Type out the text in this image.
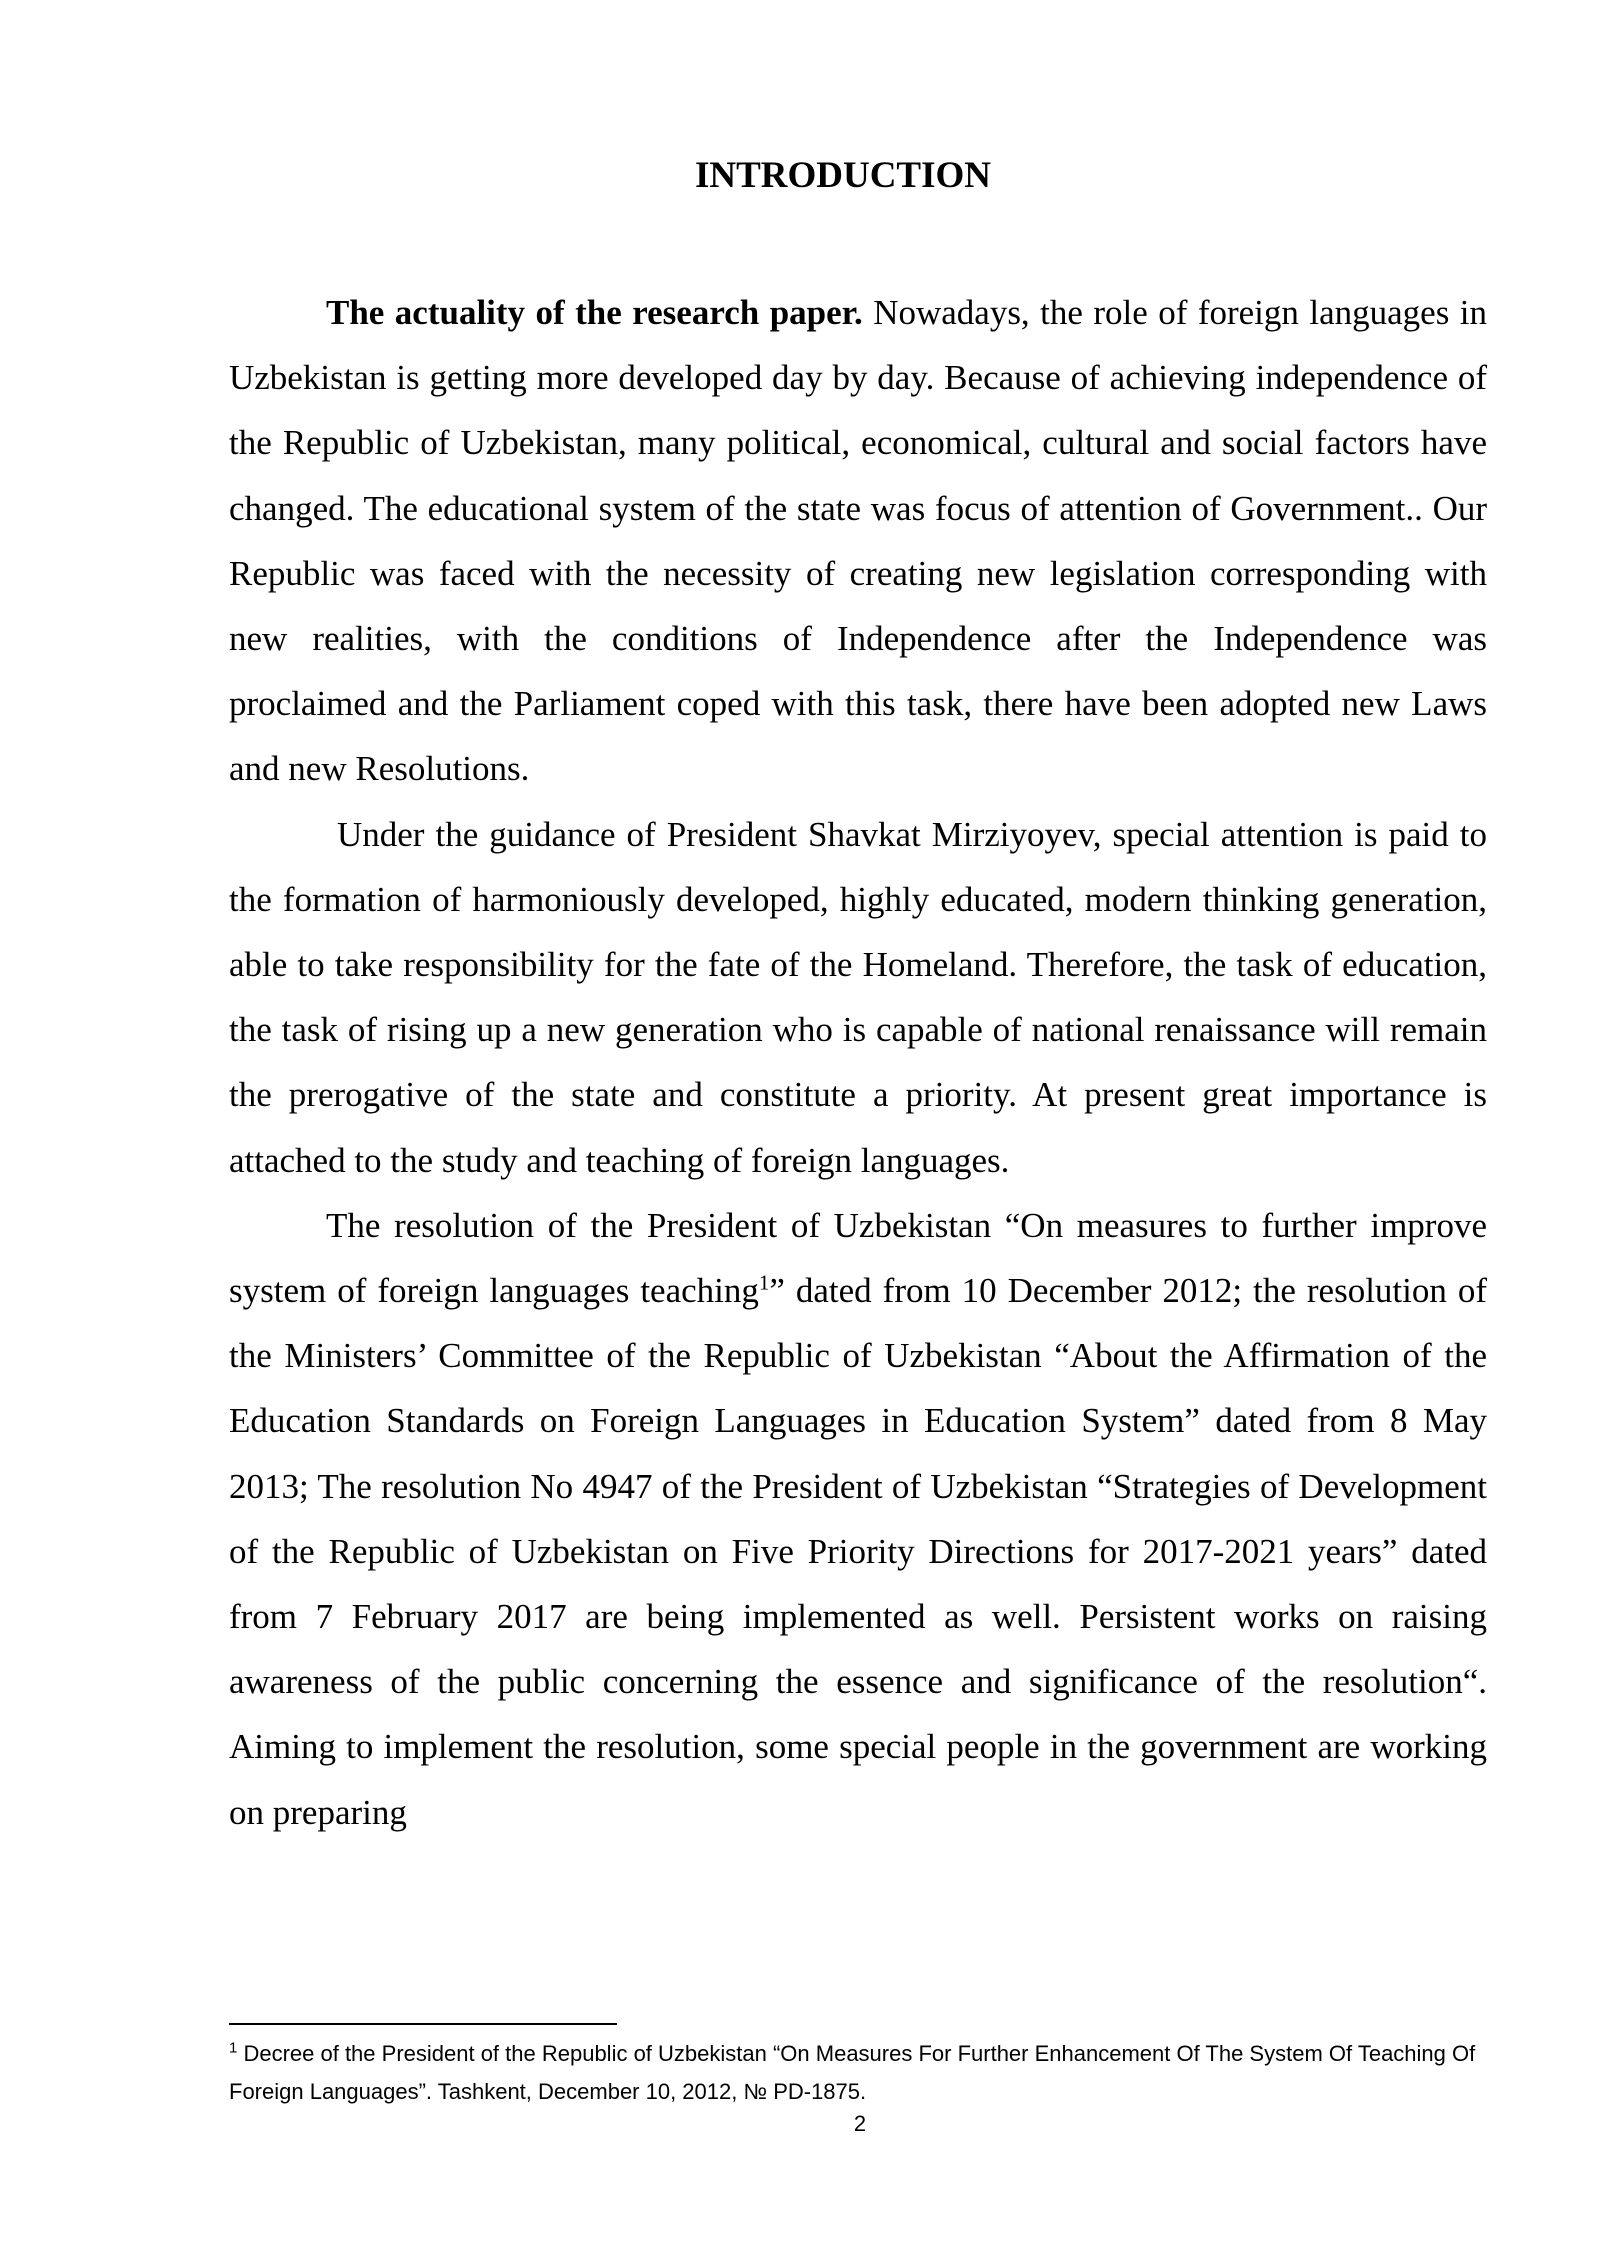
INTRODUCTION

The actuality of the research paper. Nowadays, the role of foreign languages in Uzbekistan is getting more developed day by day. Because of achieving independence of the Republic of Uzbekistan, many political, economical, cultural and social factors have changed. The educational system of the state was focus of attention of Government.. Our Republic was faced with the necessity of creating new legislation corresponding with new realities, with the conditions of Independence after the Independence was proclaimed and the Parliament coped with this task, there have been adopted new Laws and new Resolutions.

Under the guidance of President Shavkat Mirziyoyev, special attention is paid to the formation of harmoniously developed, highly educated, modern thinking generation, able to take responsibility for the fate of the Homeland. Therefore, the task of education, the task of rising up a new generation who is capable of national renaissance will remain the prerogative of the state and constitute a priority. At present great importance is attached to the study and teaching of foreign languages.

The resolution of the President of Uzbekistan “On measures to further improve system of foreign languages teaching$^1$” dated from 10 December 2012; the resolution of the Ministers’ Committee of the Republic of Uzbekistan “About the Affirmation of the Education Standards on Foreign Languages in Education System” dated from 8 May 2013; The resolution No 4947 of the President of Uzbekistan “Strategies of Development of the Republic of Uzbekistan on Five Priority Directions for 2017-2021 years” dated from 7 February 2017 are being implemented as well. Persistent works on raising awareness of the public concerning the essence and significance of the resolution“. Aiming to implement the resolution, some special people in the government are working on preparing

$^1$ Decree of the President of the Republic of Uzbekistan “On Measures For Further Enhancement Of The System Of Teaching Of Foreign Languages”. Tashkent, December 10, 2012, № PD-1875.

2
